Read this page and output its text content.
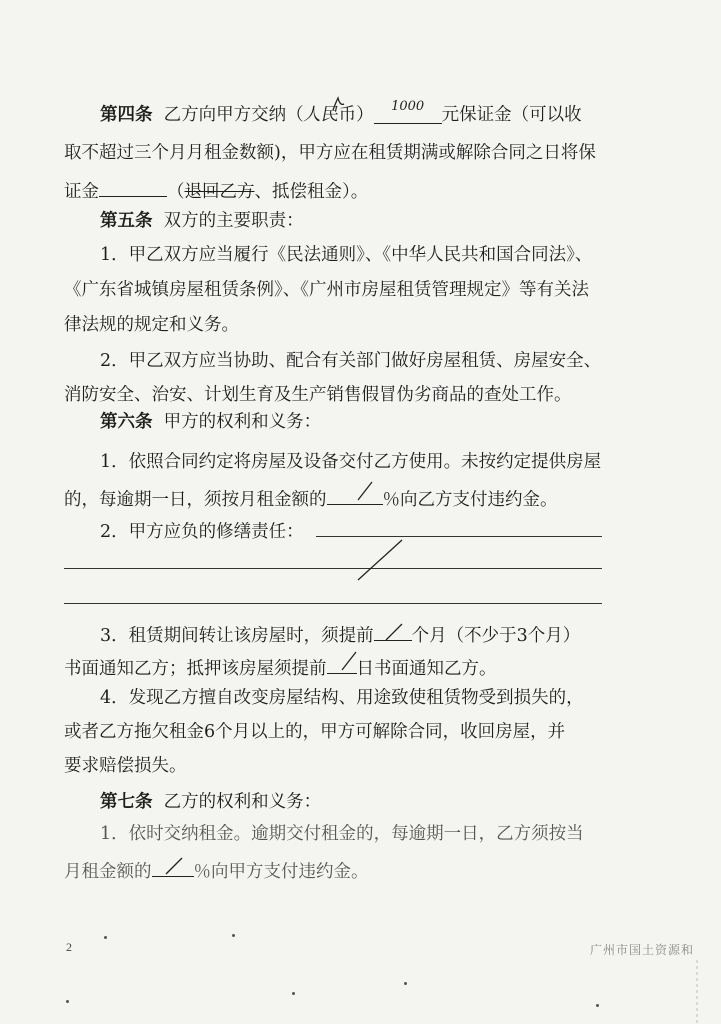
第四条 乙方向甲方交纳（人民币） $^{1000}$ 元保证金（可以收
取不超过三个月月租金数额)，甲方应在租赁期满或解除合同之日将保
证金	（退回乙方、抵偿租金）。
第五条 双方的主要职责：
1．甲乙双方应当履行《民法通则》、《中华人民共和国合同法》、
《广东省城镇房屋租赁条例》、《广州市房屋租赁管理规定》等有关法
律法规的规定和义务。
2．甲乙双方应当协助、配合有关部门做好房屋租赁、房屋安全、
消防安全、治安、计划生育及生产销售假冒伪劣商品的查处工作。
第六条 甲方的权利和义务：
1．依照合同约定将房屋及设备交付乙方使用。未按约定提供房屋
的，每逾期一日，须按月租金额的	％向乙方支付违约金。
2．甲方应负的修缮责任：
3．租赁期间转让该房屋时，须提前 个月（不少于3个月）
书面通知乙方；抵押该房屋须提前 日书面通知乙方。
4．发现乙方擅自改变房屋结构、用途致使租赁物受到损失的，
或者乙方拖欠租金6个月以上的，甲方可解除合同，收回房屋，并
要求赔偿损失。
第七条 乙方的权利和义务：
1．依时交纳租金。逾期交付租金的，每逾期一日，乙方须按当
月租金额的 ％向甲方支付违约金。
2	广州市国土资源和
